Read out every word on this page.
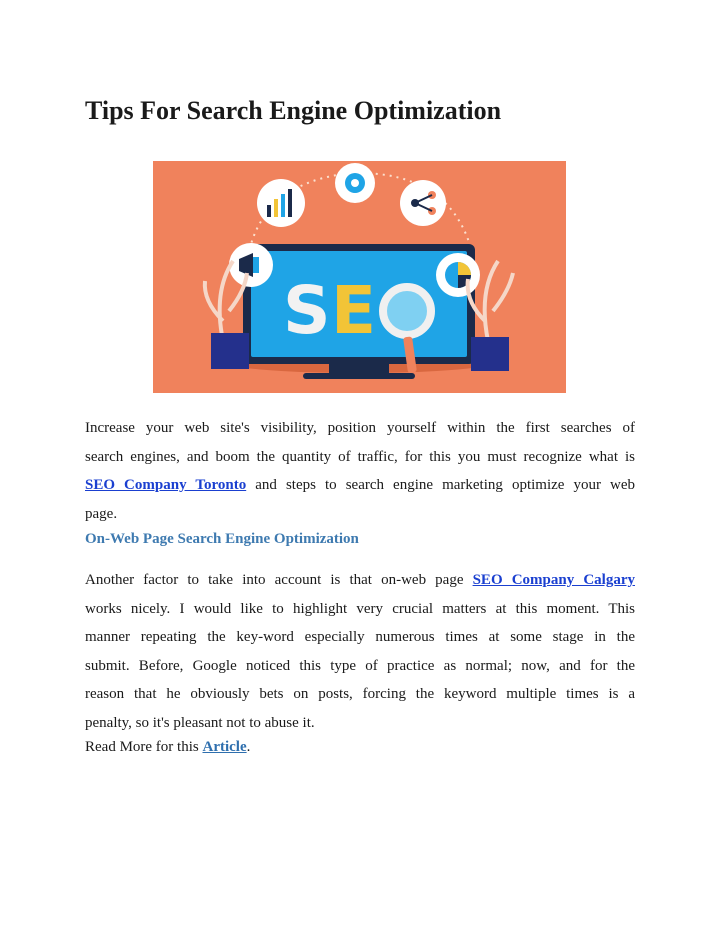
Tips For Search Engine Optimization
S E
Increase your web site's visibility, position yourself within the first searches of
search engines, and boom the quantity of traffic, for this you must recognize what is
SEO Company Toronto and steps to search engine marketing optimize your web
page.
On-Web Page Search Engine Optimization
Another factor to take into account is that on-web page SEO Company Calgary
works nicely. I would like to highlight very crucial matters at this moment. This
manner repeating the key-word especially numerous times at some stage in the
submit. Before, Google noticed this type of practice as normal; now, and for the
reason that he obviously bets on posts, forcing the keyword multiple times is a
penalty, so it's pleasant not to abuse it.

Read More for this Article.
